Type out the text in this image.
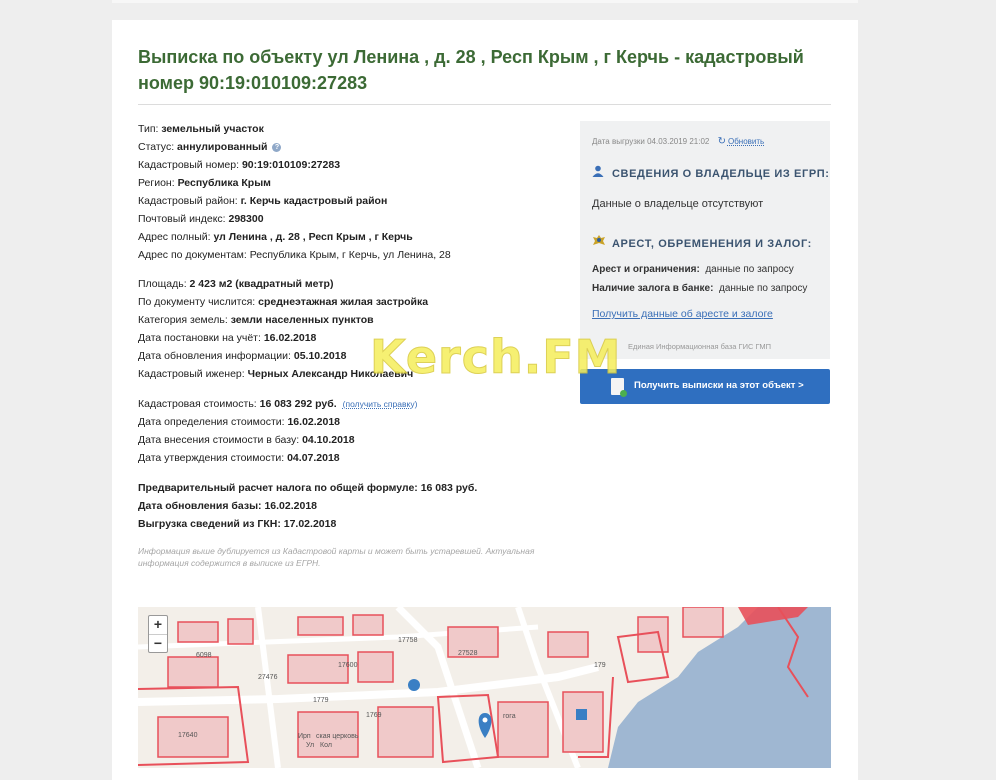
Выписка по объекту ул Ленина , д. 28 , Респ Крым , г Керчь - кадастровый номер 90:19:010109:27283
Тип: земельный участок
Статус: аннулированный ?
Кадастровый номер: 90:19:010109:27283
Регион: Республика Крым
Кадастровый район: г. Керчь кадастровый район
Почтовый индекс: 298300
Адрес полный: ул Ленина , д. 28 , Респ Крым , г Керчь
Адрес по документам: Республика Крым, г Керчь, ул Ленина, 28
Площадь: 2 423 м2 (квадратный метр)
По документу числится: среднеэтажная жилая застройка
Категория земель: земли населенных пунктов
Дата постановки на учёт: 16.02.2018
Дата обновления информации: 05.10.2018
Кадастровый иженер: Черных Александр Николаевич
Кадастровая стоимость: 16 083 292 руб. (получить справку)
Дата определения стоимости: 16.02.2018
Дата внесения стоимости в базу: 04.10.2018
Дата утверждения стоимости: 04.07.2018
Предварительный расчет налога по общей формуле: 16 083 руб.
Дата обновления базы: 16.02.2018
Выгрузка сведений из ГКН: 17.02.2018
Информация выше дублируется из Кадастровой карты и может быть устаревшей. Актуальная информация содержится в выписке из ЕГРН.
Дата выгрузки 04.03.2019 21:02 ↻ Обновить
СВЕДЕНИЯ О ВЛАДЕЛЬЦЕ ИЗ ЕГРП:
Данные о владельце отсутствуют
АРЕСТ, ОБРЕМЕНЕНИЯ И ЗАЛОГ:
Арест и ограничения: данные по запросу
Наличие залога в банке: данные по запросу
Получить данные об аресте и залоге
Единая Информационная база ГИС ГМП
Получить выписки на этот объект >
Kerch.FM
6098
27476
1769
1779
27528
17600	179
17758
17640	Ирп ская церковь
Ул Кол
гога
+
−
